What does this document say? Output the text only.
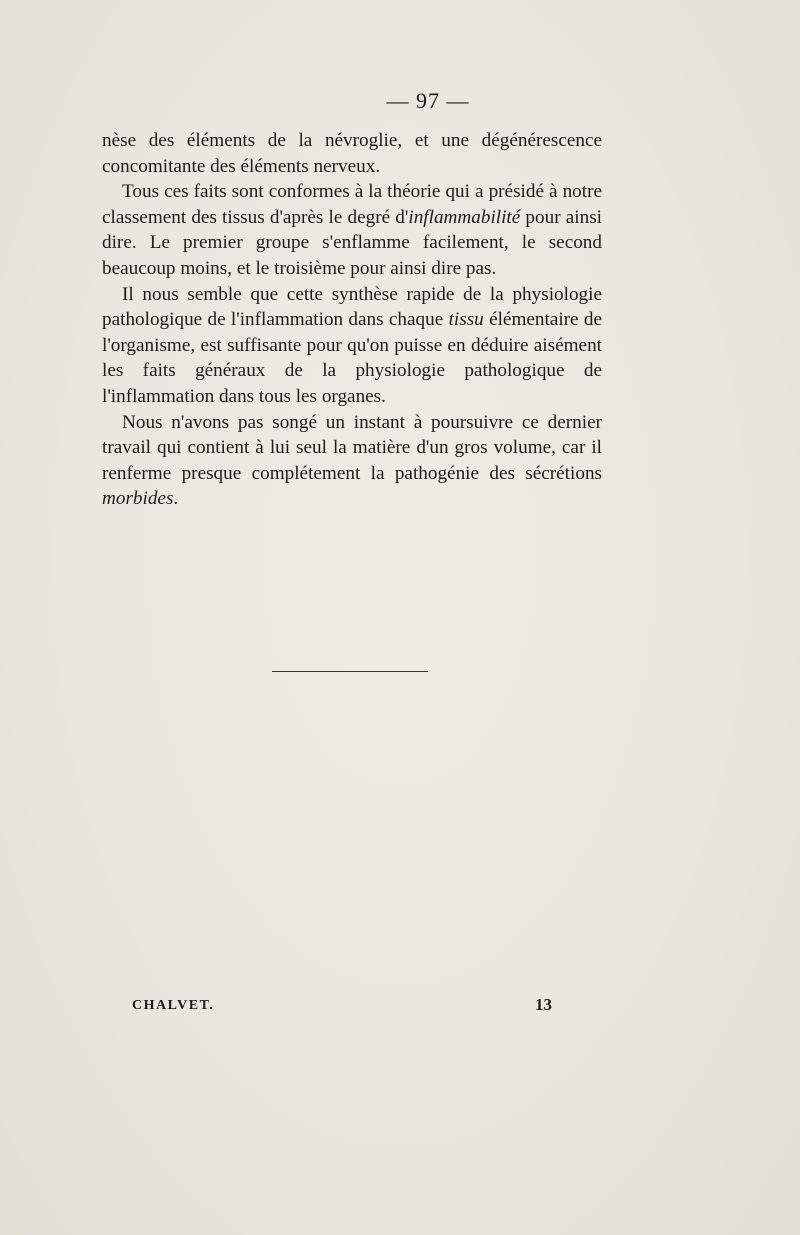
— 97 —

nèse des éléments de la névroglie, et une dégénérescence concomitante des éléments nerveux.

Tous ces faits sont conformes à la théorie qui a présidé à notre classement des tissus d'après le degré d'inflammabilité pour ainsi dire. Le premier groupe s'enflamme facilement, le second beaucoup moins, et le troisième pour ainsi dire pas.

Il nous semble que cette synthèse rapide de la physiologie pathologique de l'inflammation dans chaque tissu élémentaire de l'organisme, est suffisante pour qu'on puisse en déduire aisément les faits généraux de la physiologie pathologique de l'inflammation dans tous les organes.

Nous n'avons pas songé un instant à poursuivre ce dernier travail qui contient à lui seul la matière d'un gros volume, car il renferme presque complétement la pathogénie des sécrétions morbides.

CHALVET.	13
